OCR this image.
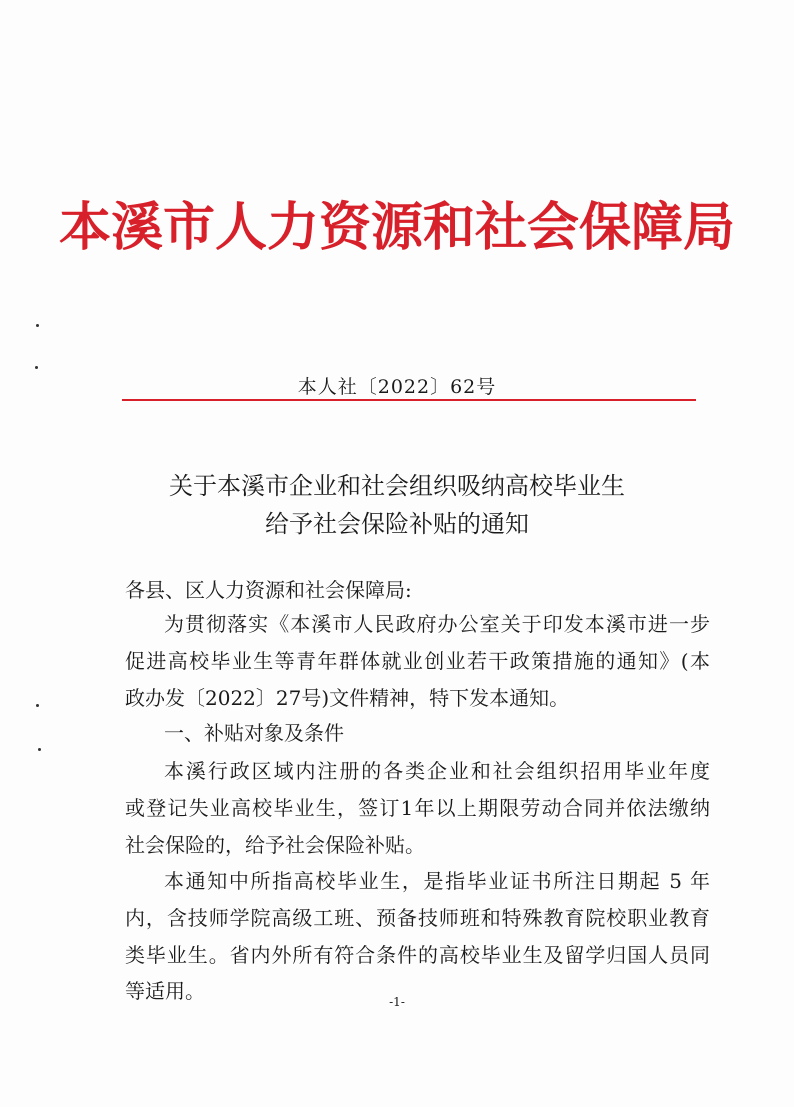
本溪市人力资源和社会保障局
本人社〔2022〕62号
关于本溪市企业和社会组织吸纳高校毕业生
给予社会保险补贴的通知
各县、区人力资源和社会保障局:
为贯彻落实《本溪市人民政府办公室关于印发本溪市进一步
促进高校毕业生等青年群体就业创业若干政策措施的通知》(本
政办发〔2022〕27号)文件精神，特下发本通知。
一、补贴对象及条件
本溪行政区域内注册的各类企业和社会组织招用毕业年度
或登记失业高校毕业生，签订1年以上期限劳动合同并依法缴纳
社会保险的，给予社会保险补贴。
本通知中所指高校毕业生，是指毕业证书所注日期起 5 年
内，含技师学院高级工班、预备技师班和特殊教育院校职业教育
类毕业生。省内外所有符合条件的高校毕业生及留学归国人员同
等适用。	-1-
